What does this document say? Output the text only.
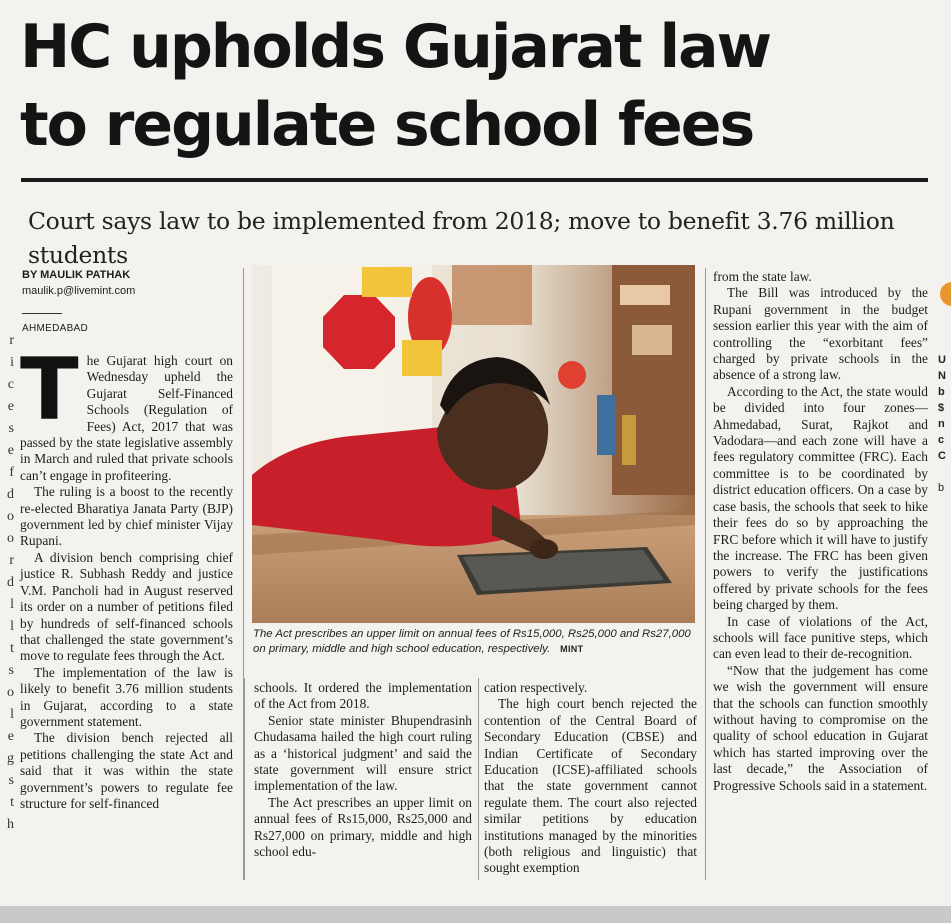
r
i
c
e
s
e
f
d
o
o
r
d
l
l
t
s
o
l
e
g
s
t
h
HC upholds Gujarat law
to regulate school fees
Court says law to be implemented from 2018; move to benefit 3.76 million students
BY MAULIK PATHAK
maulik.p@livemint.com
AHMEDABAD

The Gujarat high court on Wednesday upheld the Gujarat Self-Financed Schools (Regulation of Fees) Act, 2017 that was passed by the state legislative assembly in March and ruled that private schools can’t engage in profiteering.

The ruling is a boost to the recently re-elected Bharatiya Janata Party (BJP) government led by chief minister Vijay Rupani.

A division bench comprising chief justice R. Subhash Reddy and justice V.M. Pancholi had in August reserved its order on a number of petitions filed by hundreds of self-financed schools that challenged the state government’s move to regulate fees through the Act.

The implementation of the law is likely to benefit 3.76 million students in Gujarat, according to a state government statement.

The division bench rejected all petitions challenging the state Act and said that it was within the state government’s powers to regulate fee structure for self-financed

The Act prescribes an upper limit on annual fees of Rs15,000, Rs25,000 and Rs27,000 on primary, middle and high school education, respectively. MINT

schools. It ordered the implementation of the Act from 2018.

Senior state minister Bhupendrasinh Chudasama hailed the high court ruling as a ‘historical judgment’ and said the state government will ensure strict implementation of the law.

The Act prescribes an upper limit on annual fees of Rs15,000, Rs25,000 and Rs27,000 on primary, middle and high school edu-

cation respectively.

The high court bench rejected the contention of the Central Board of Secondary Education (CBSE) and Indian Certificate of Secondary Education (ICSE)-affiliated schools that the state government cannot regulate them. The court also rejected similar petitions by education institutions managed by the minorities (both religious and linguistic) that sought exemption

from the state law.

The Bill was introduced by the Rupani government in the budget session earlier this year with the aim of controlling the “exorbitant fees” charged by private schools in the absence of a strong law.

According to the Act, the state would be divided into four zones—Ahmedabad, Surat, Rajkot and Vadodara—and each zone will have a fees regulatory committee (FRC). Each committee is to be coordinated by district education officers. On a case by case basis, the schools that seek to hike their fees do so by approaching the FRC before which it will have to justify the increase. The FRC has been given powers to verify the justifications offered by private schools for the fees being charged by them.

In case of violations of the Act, schools will face punitive steps, which can even lead to their de-recognition.

“Now that the judgement has come we wish the government will ensure that the schools can function smoothly without having to compromise on the quality of school education in Gujarat which has started improving over the last decade,” the Association of Progressive Schools said in a statement.

U
N
b
$
n
c
C
b
